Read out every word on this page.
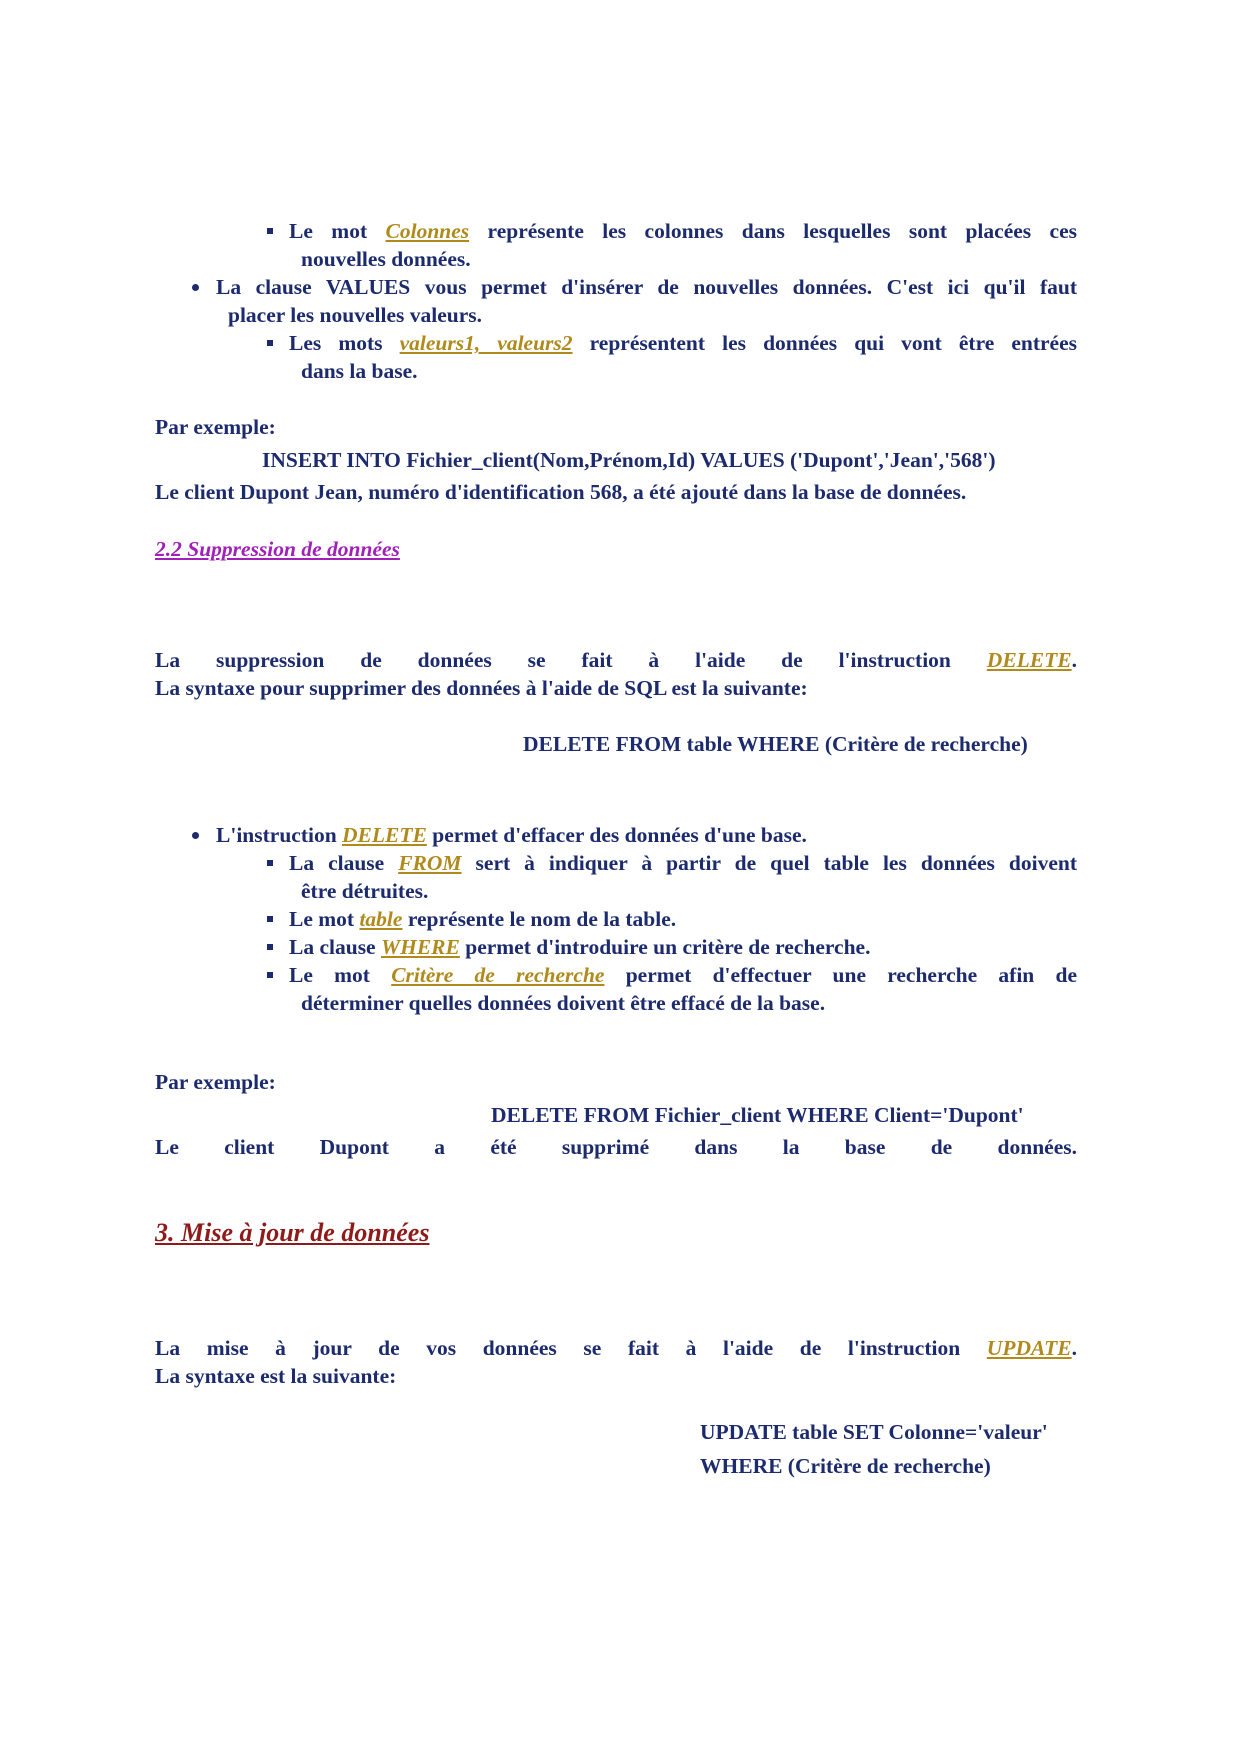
Le mot Colonnes représente les colonnes dans lesquelles sont placées ces
nouvelles données.
La clause VALUES vous permet d'insérer de nouvelles données. C'est ici qu'il faut
placer les nouvelles valeurs.
Les mots valeurs1, valeurs2 représentent les données qui vont être entrées
dans la base.
Par exemple:
INSERT INTO Fichier_client(Nom,Prénom,Id) VALUES ('Dupont','Jean','568')
Le client Dupont Jean, numéro d'identification 568, a été ajouté dans la base de données.
2.2 Suppression de données
La suppression de données se fait à l'aide de l'instruction DELETE.
La syntaxe pour supprimer des données à l'aide de SQL est la suivante:
DELETE FROM table WHERE (Critère de recherche)
L'instruction DELETE permet d'effacer des données d'une base.
La clause FROM sert à indiquer à partir de quel table les données doivent
être détruites.
Le mot table représente le nom de la table.
La clause WHERE permet d'introduire un critère de recherche.
Le mot Critère de recherche permet d'effectuer une recherche afin de
déterminer quelles données doivent être effacé de la base.
Par exemple:
DELETE FROM Fichier_client WHERE Client='Dupont'
Le client Dupont a été supprimé dans la base de données.
3. Mise à jour de données
La mise à jour de vos données se fait à l'aide de l'instruction UPDATE.
La syntaxe est la suivante:
UPDATE table SET Colonne='valeur'
WHERE (Critère de recherche)
